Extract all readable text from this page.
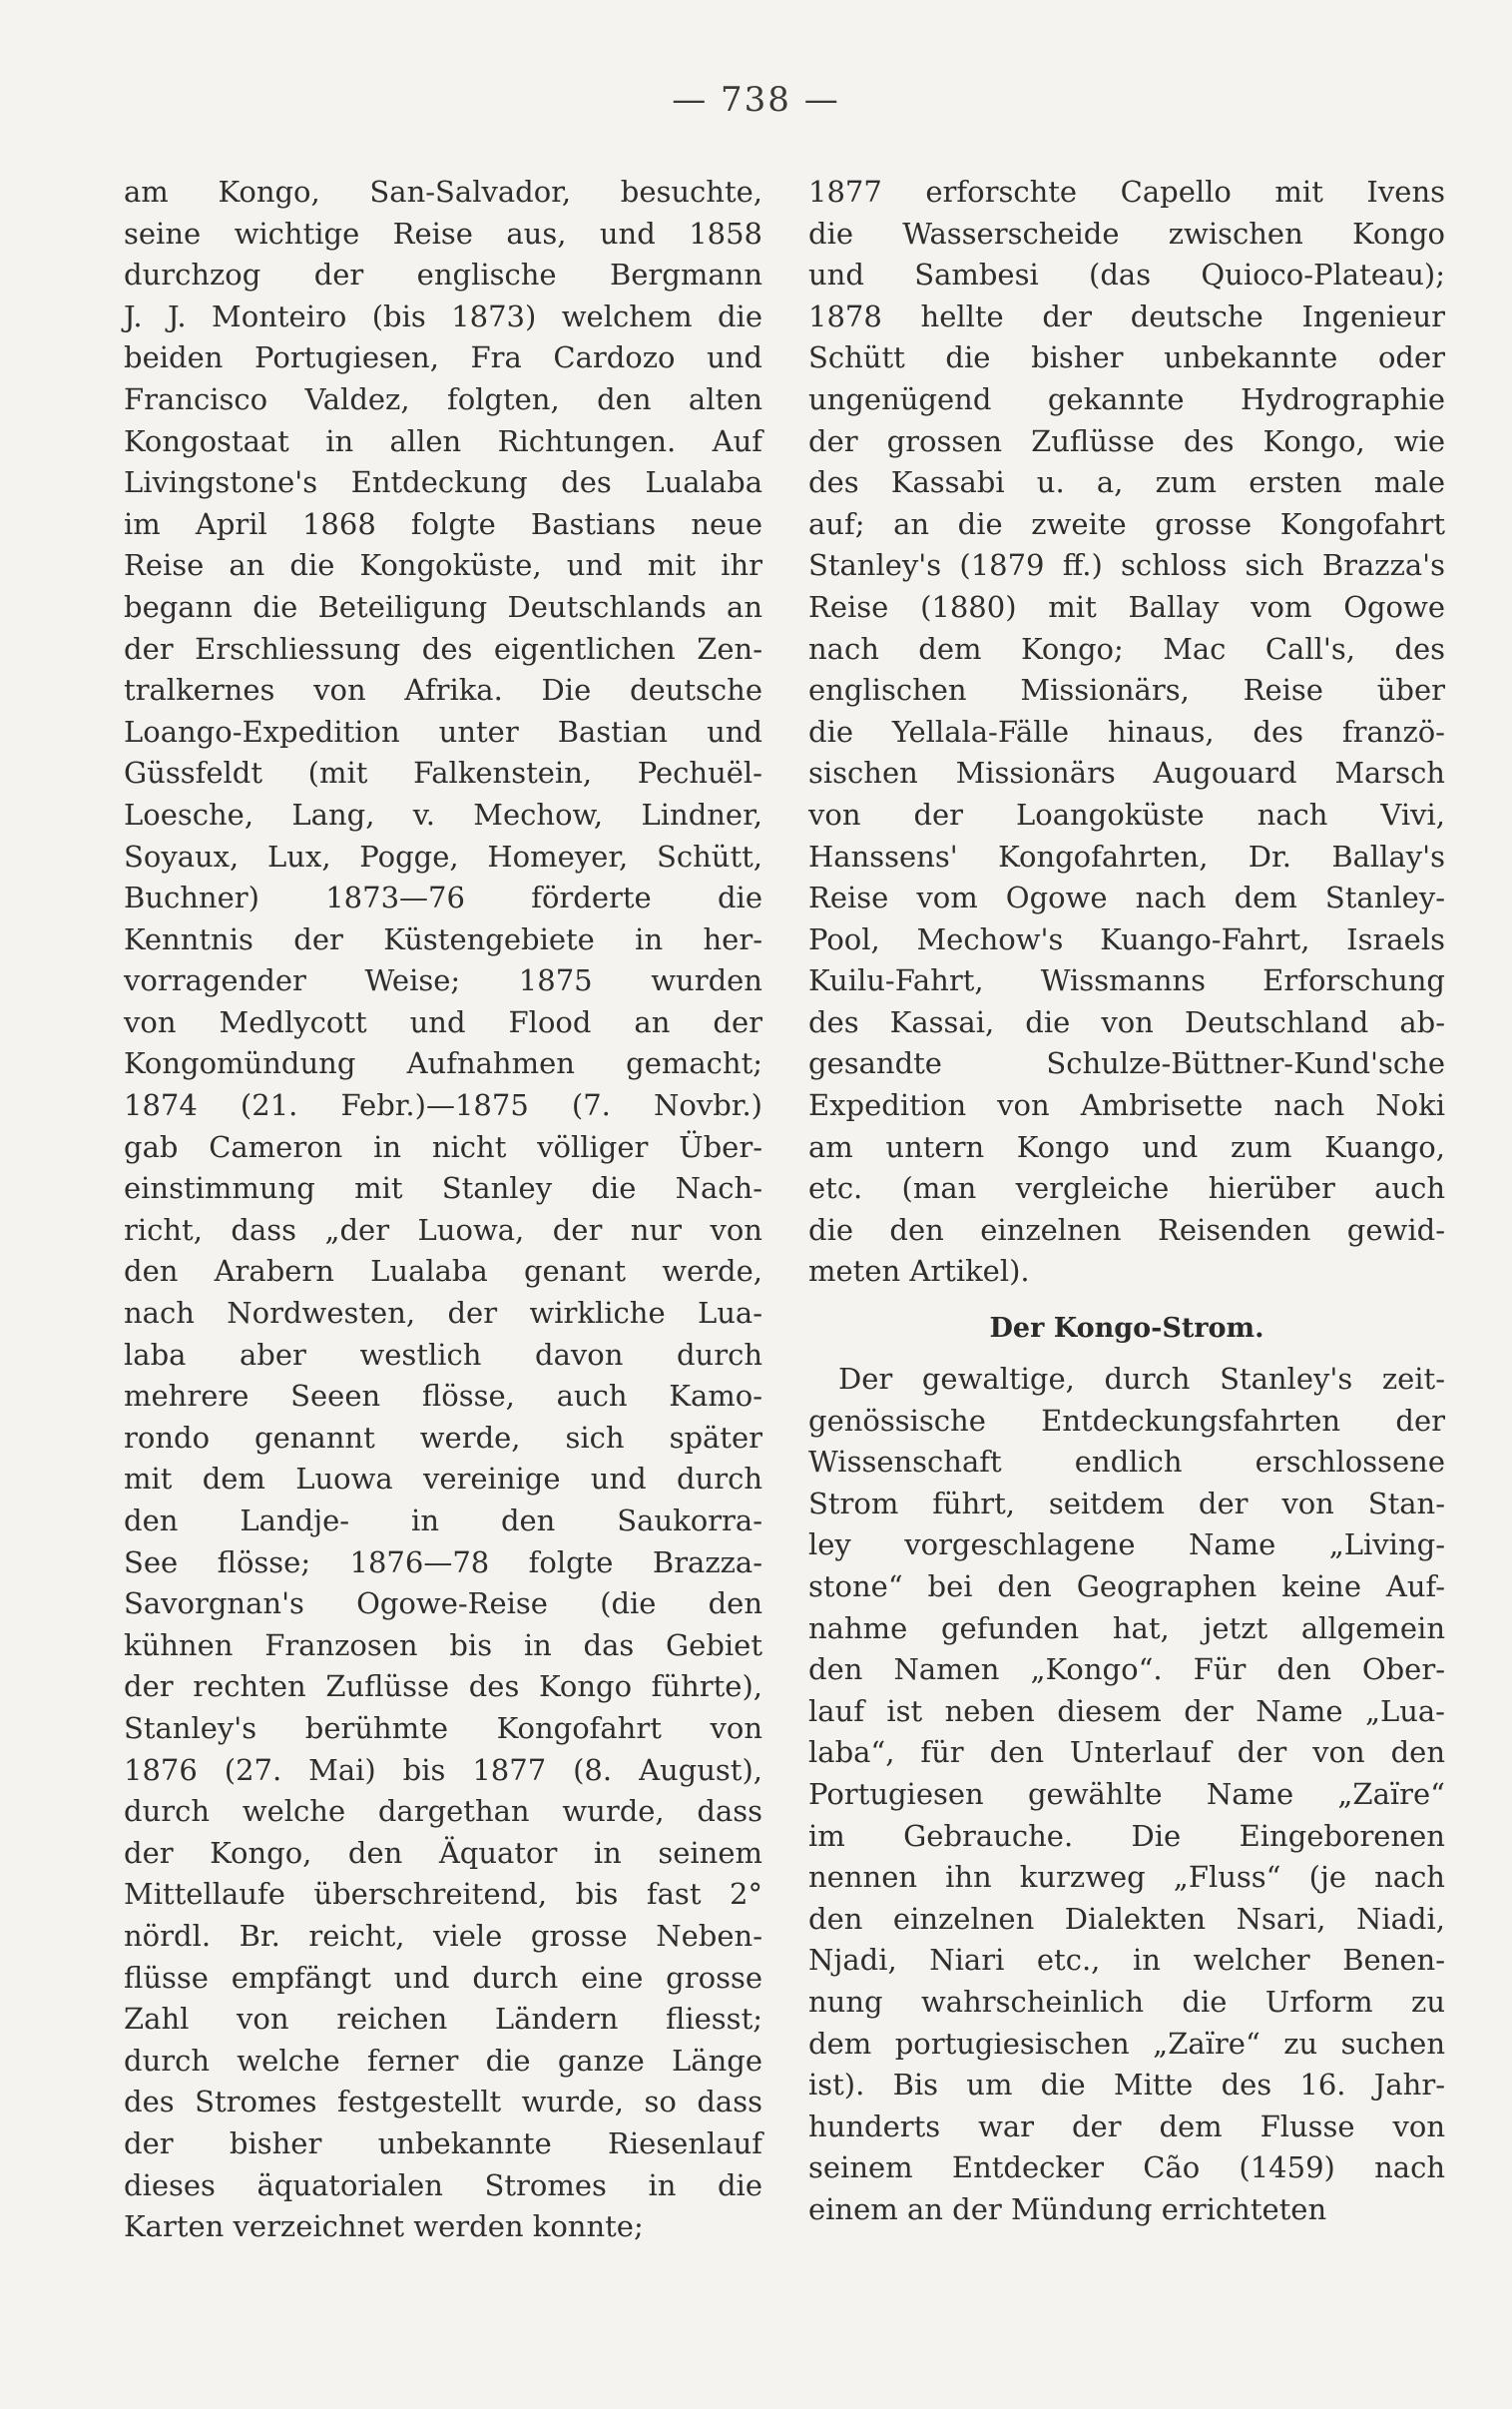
— 738 —
am Kongo, San-Salvador, besuchte,
seine wichtige Reise aus, und 1858
durchzog der englische Bergmann
J. J. Monteiro (bis 1873) welchem die
beiden Portugiesen, Fra Cardozo und
Francisco Valdez, folgten, den alten
Kongostaat in allen Richtungen. Auf
Livingstone's Entdeckung des Lualaba
im April 1868 folgte Bastians neue
Reise an die Kongoküste, und mit ihr
begann die Beteiligung Deutschlands an
der Erschliessung des eigentlichen Zen-
tralkernes von Afrika. Die deutsche
Loango-Expedition unter Bastian und
Güssfeldt (mit Falkenstein, Pechuël-
Loesche, Lang, v. Mechow, Lindner,
Soyaux, Lux, Pogge, Homeyer, Schütt,
Buchner) 1873—76 förderte die
Kenntnis der Küstengebiete in her-
vorragender Weise; 1875 wurden
von Medlycott und Flood an der
Kongomündung Aufnahmen gemacht;
1874 (21. Febr.)—1875 (7. Novbr.)
gab Cameron in nicht völliger Über-
einstimmung mit Stanley die Nach-
richt, dass „der Luowa, der nur von
den Arabern Lualaba genant werde,
nach Nordwesten, der wirkliche Lua-
laba aber westlich davon durch
mehrere Seeen flösse, auch Kamo-
rondo genannt werde, sich später
mit dem Luowa vereinige und durch
den Landje- in den Saukorra-
See flösse; 1876—78 folgte Brazza-
Savorgnan's Ogowe-Reise (die den
kühnen Franzosen bis in das Gebiet
der rechten Zuflüsse des Kongo führte),
Stanley's berühmte Kongofahrt von
1876 (27. Mai) bis 1877 (8. August),
durch welche dargethan wurde, dass
der Kongo, den Äquator in seinem
Mittellaufe überschreitend, bis fast 2°
nördl. Br. reicht, viele grosse Neben-
flüsse empfängt und durch eine grosse
Zahl von reichen Ländern fliesst;
durch welche ferner die ganze Länge
des Stromes festgestellt wurde, so dass
der bisher unbekannte Riesenlauf
dieses äquatorialen Stromes in die
Karten verzeichnet werden konnte;
1877 erforschte Capello mit Ivens
die Wasserscheide zwischen Kongo
und Sambesi (das Quioco-Plateau);
1878 hellte der deutsche Ingenieur
Schütt die bisher unbekannte oder
ungenügend gekannte Hydrographie
der grossen Zuflüsse des Kongo, wie
des Kassabi u. a, zum ersten male
auf; an die zweite grosse Kongofahrt
Stanley's (1879 ff.) schloss sich Brazza's
Reise (1880) mit Ballay vom Ogowe
nach dem Kongo; Mac Call's, des
englischen Missionärs, Reise über
die Yellala-Fälle hinaus, des franzö-
sischen Missionärs Augouard Marsch
von der Loangoküste nach Vivi,
Hanssens' Kongofahrten, Dr. Ballay's
Reise vom Ogowe nach dem Stanley-
Pool, Mechow's Kuango-Fahrt, Israels
Kuilu-Fahrt, Wissmanns Erforschung
des Kassai, die von Deutschland ab-
gesandte Schulze-Büttner-Kund'sche
Expedition von Ambrisette nach Noki
am untern Kongo und zum Kuango,
etc. (man vergleiche hierüber auch
die den einzelnen Reisenden gewid-
meten Artikel).
Der Kongo-Strom.
Der gewaltige, durch Stanley's zeit-
genössische Entdeckungsfahrten der
Wissenschaft endlich erschlossene
Strom führt, seitdem der von Stan-
ley vorgeschlagene Name „Living-
stone“ bei den Geographen keine Auf-
nahme gefunden hat, jetzt allgemein
den Namen „Kongo“. Für den Ober-
lauf ist neben diesem der Name „Lua-
laba“, für den Unterlauf der von den
Portugiesen gewählte Name „Zaïre“
im Gebrauche. Die Eingeborenen
nennen ihn kurzweg „Fluss“ (je nach
den einzelnen Dialekten Nsari, Niadi,
Njadi, Niari etc., in welcher Benen-
nung wahrscheinlich die Urform zu
dem portugiesischen „Zaïre“ zu suchen
ist). Bis um die Mitte des 16. Jahr-
hunderts war der dem Flusse von
seinem Entdecker Cão (1459) nach
einem an der Mündung errichteten
